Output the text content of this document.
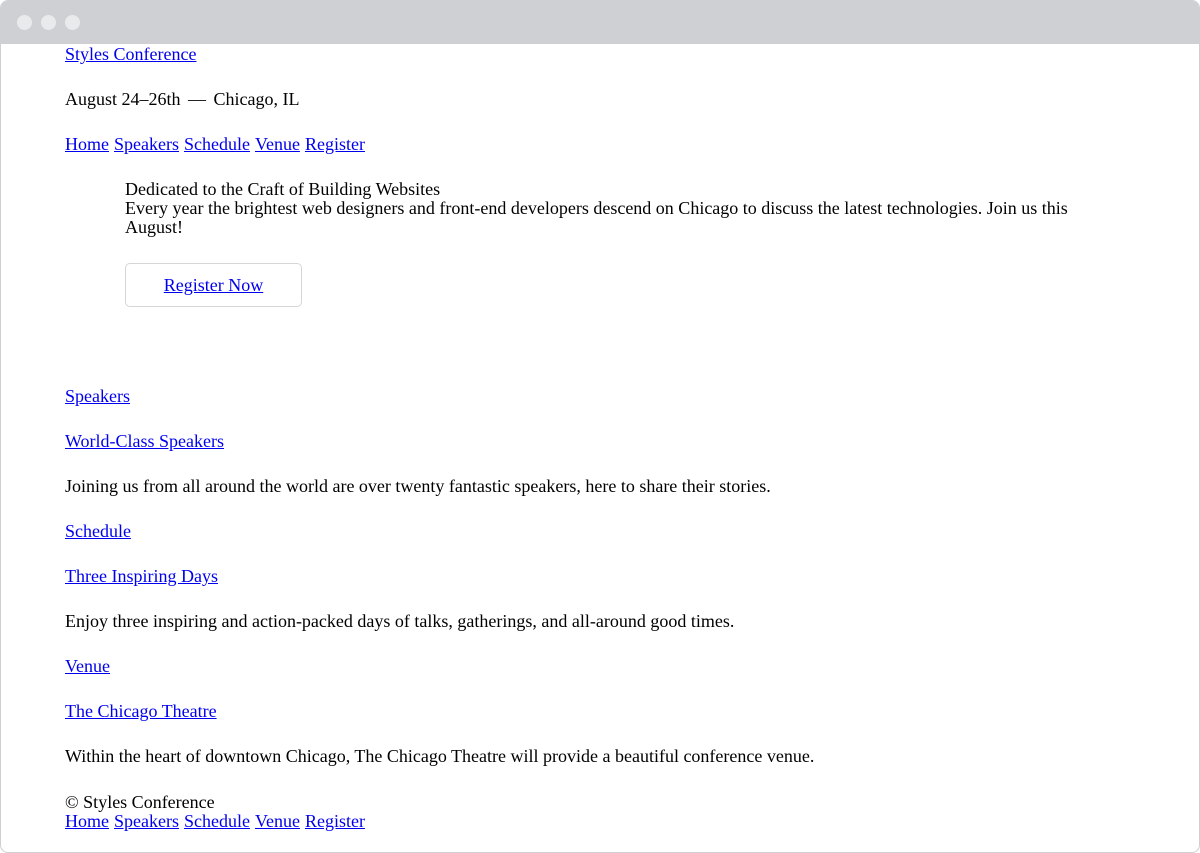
Styles Conference
August 24–26th — Chicago, IL
Home Speakers Schedule Venue Register
Dedicated to the Craft of Building Websites
Every year the brightest web designers and front-end developers descend on Chicago to discuss the latest technologies. Join us this August!
Register Now
Speakers
World-Class Speakers
Joining us from all around the world are over twenty fantastic speakers, here to share their stories.
Schedule
Three Inspiring Days
Enjoy three inspiring and action-packed days of talks, gatherings, and all-around good times.
Venue
The Chicago Theatre
Within the heart of downtown Chicago, The Chicago Theatre will provide a beautiful conference venue.
© Styles Conference
Home Speakers Schedule Venue Register
